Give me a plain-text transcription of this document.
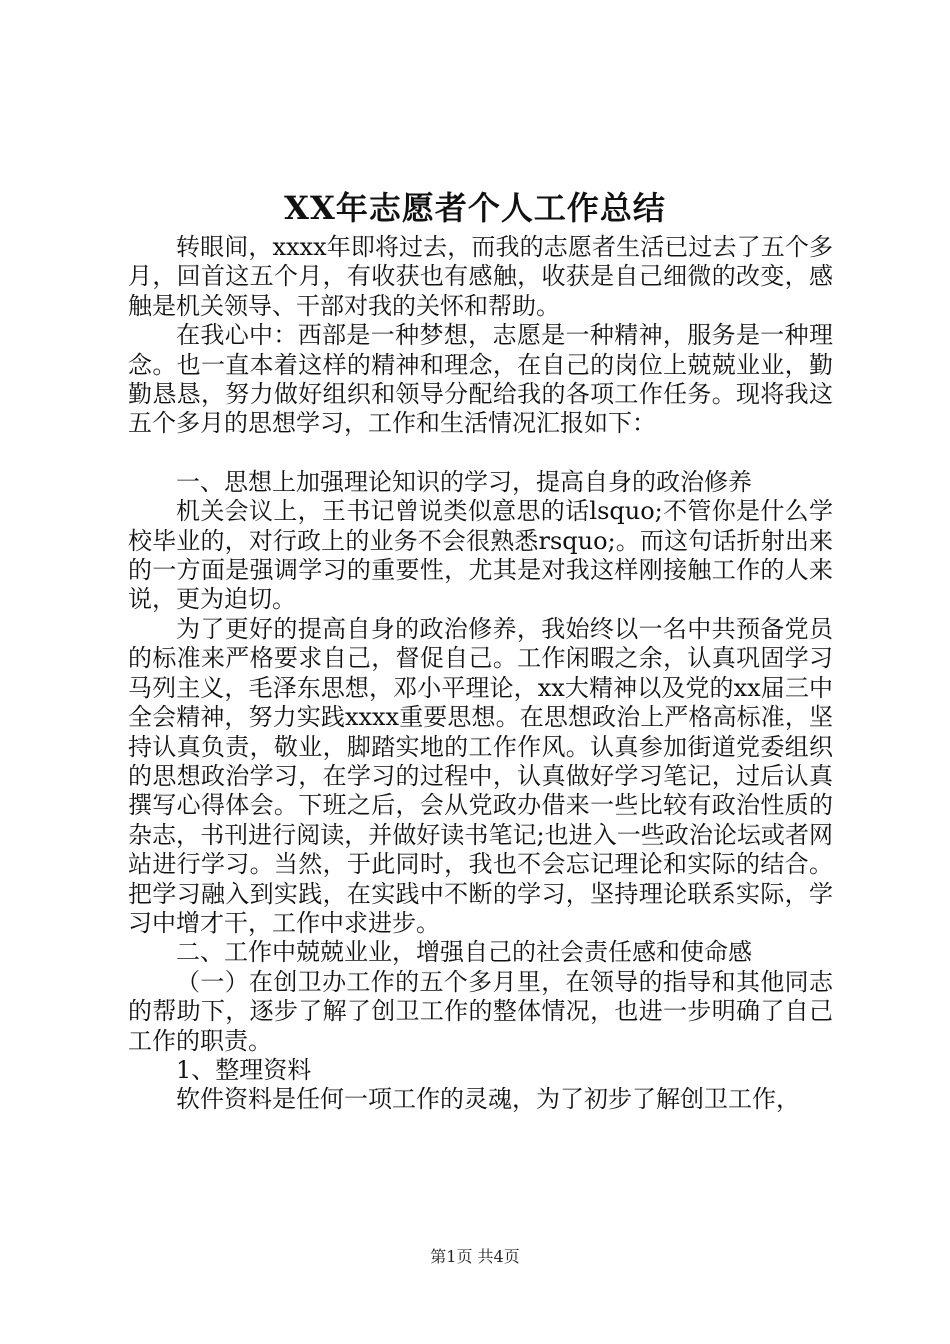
XX年志愿者个人工作总结

转眼间，xxxx年即将过去，而我的志愿者生活已过去了五个多月，回首这五个月，有收获也有感触，收获是自己细微的改变，感触是机关领导、干部对我的关怀和帮助。

在我心中：西部是一种梦想，志愿是一种精神，服务是一种理念。也一直本着这样的精神和理念，在自己的岗位上兢兢业业，勤勤恳恳，努力做好组织和领导分配给我的各项工作任务。现将我这五个多月的思想学习，工作和生活情况汇报如下：

一、思想上加强理论知识的学习，提高自身的政治修养

机关会议上，王书记曾说类似意思的话lsquo;不管你是什么学校毕业的，对行政上的业务不会很熟悉rsquo;。而这句话折射出来的一方面是强调学习的重要性，尤其是对我这样刚接触工作的人来说，更为迫切。

为了更好的提高自身的政治修养，我始终以一名中共预备党员的标准来严格要求自己，督促自己。工作闲暇之余，认真巩固学习马列主义，毛泽东思想，邓小平理论，xx大精神以及党的xx届三中全会精神，努力实践xxxx重要思想。在思想政治上严格高标准，坚持认真负责，敬业，脚踏实地的工作作风。认真参加街道党委组织的思想政治学习，在学习的过程中，认真做好学习笔记，过后认真撰写心得体会。下班之后，会从党政办借来一些比较有政治性质的杂志，书刊进行阅读，并做好读书笔记;也进入一些政治论坛或者网站进行学习。当然，于此同时，我也不会忘记理论和实际的结合。把学习融入到实践，在实践中不断的学习，坚持理论联系实际，学习中增才干，工作中求进步。

二、工作中兢兢业业，增强自己的社会责任感和使命感

（一）在创卫办工作的五个多月里，在领导的指导和其他同志的帮助下，逐步了解了创卫工作的整体情况，也进一步明确了自己工作的职责。

1、整理资料

软件资料是任何一项工作的灵魂，为了初步了解创卫工作，

第1页 共4页
